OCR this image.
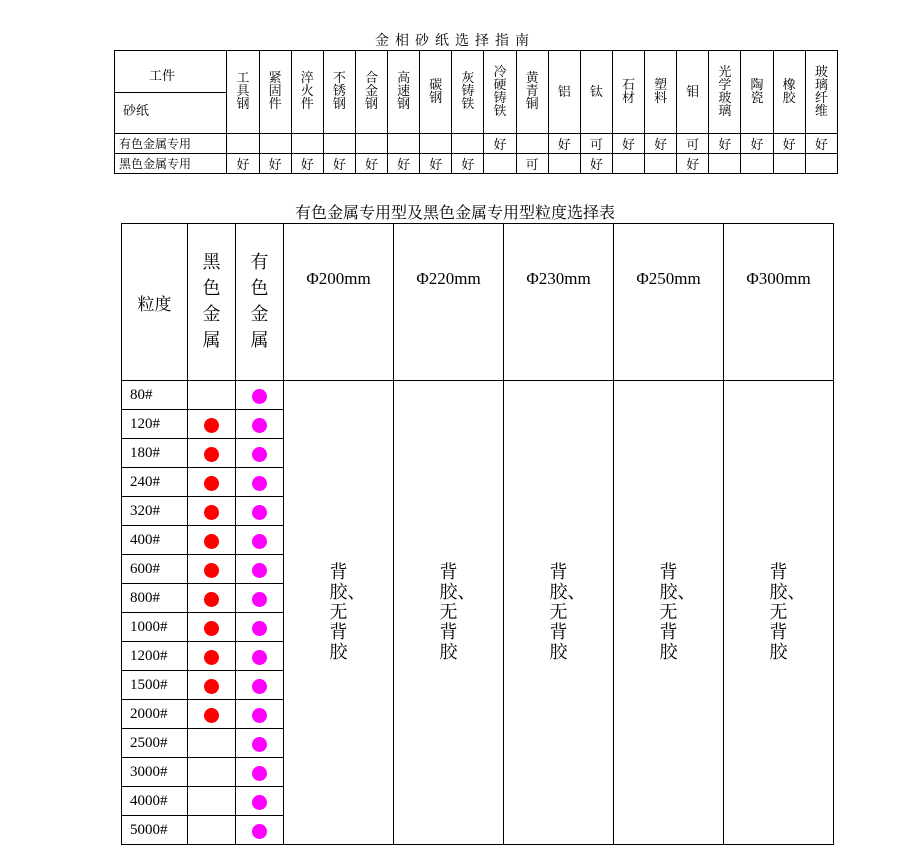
金相砂纸选择指南
工件
砂纸	工具钢	紧固件	淬火件	不锈钢	合金钢	高速钢	碳钢	灰铸铁	冷硬铸铁	黄青铜	铝	钛	石材	塑料	钼	光学玻璃	陶瓷	橡胶	玻璃纤维
有色金属专用									好		好	可	好	好	可	好	好	好	好
黑色金属专用	好	好	好	好	好	好	好	好		可		好			好				
有色金属专用型及黑色金属专用型粒度选择表
粒度	黑色金属	有色金属	Φ200mm	Φ220mm	Φ230mm	Φ250mm	Φ300mm
80#			背胶、无背胶	背胶、无背胶	背胶、无背胶	背胶、无背胶	背胶、无背胶
120#							
180#							
240#							
320#							
400#							
600#							
800#							
1000#							
1200#							
1500#							
2000#							
2500#							
3000#							
4000#							
5000#							
